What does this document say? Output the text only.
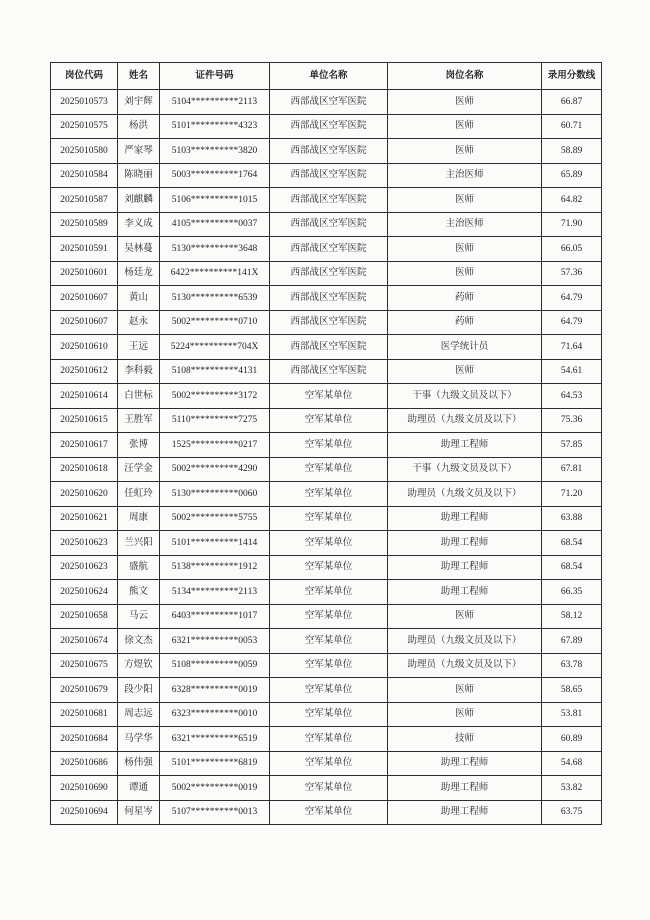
岗位代码	姓名	证件号码	单位名称	岗位名称	录用分数线
2025010573	刘宇辉	5104**********2113	西部战区空军医院	医师	66.87
2025010575	杨洪	5101**********4323	西部战区空军医院	医师	60.71
2025010580	严家琴	5103**********3820	西部战区空军医院	医师	58.89
2025010584	陈晓丽	5003**********1764	西部战区空军医院	主治医师	65.89
2025010587	刘麒麟	5106**********1015	西部战区空军医院	医师	64.82
2025010589	李义成	4105**********0037	西部战区空军医院	主治医师	71.90
2025010591	吴林蔓	5130**********3648	西部战区空军医院	医师	66.05
2025010601	杨廷龙	6422**********141X	西部战区空军医院	医师	57.36
2025010607	黄山	5130**********6539	西部战区空军医院	药师	64.79
2025010607	赵永	5002**********0710	西部战区空军医院	药师	64.79
2025010610	王远	5224**********704X	西部战区空军医院	医学统计员	71.64
2025010612	李科毅	5108**********4131	西部战区空军医院	医师	54.61
2025010614	白世标	5002**********3172	空军某单位	干事（九级文员及以下）	64.53
2025010615	王胜军	5110**********7275	空军某单位	助理员（九级文员及以下）	75.36
2025010617	张博	1525**********0217	空军某单位	助理工程师	57.85
2025010618	汪学金	5002**********4290	空军某单位	干事（九级文员及以下）	67.81
2025010620	任虹玲	5130**********0060	空军某单位	助理员（九级文员及以下）	71.20
2025010621	周康	5002**********5755	空军某单位	助理工程师	63.88
2025010623	兰兴阳	5101**********1414	空军某单位	助理工程师	68.54
2025010623	盛航	5138**********1912	空军某单位	助理工程师	68.54
2025010624	熊文	5134**********2113	空军某单位	助理工程师	66.35
2025010658	马云	6403**********1017	空军某单位	医师	58.12
2025010674	徐文杰	6321**********0053	空军某单位	助理员（九级文员及以下）	67.89
2025010675	方煜钦	5108**********0059	空军某单位	助理员（九级文员及以下）	63.78
2025010679	段少阳	6328**********0019	空军某单位	医师	58.65
2025010681	周志远	6323**********0010	空军某单位	医师	53.81
2025010684	马学华	6321**********6519	空军某单位	技师	60.89
2025010686	杨伟强	5101**********6819	空军某单位	助理工程师	54.68
2025010690	谭通	5002**********0019	空军某单位	助理工程师	53.82
2025010694	何星岑	5107**********0013	空军某单位	助理工程师	63.75
